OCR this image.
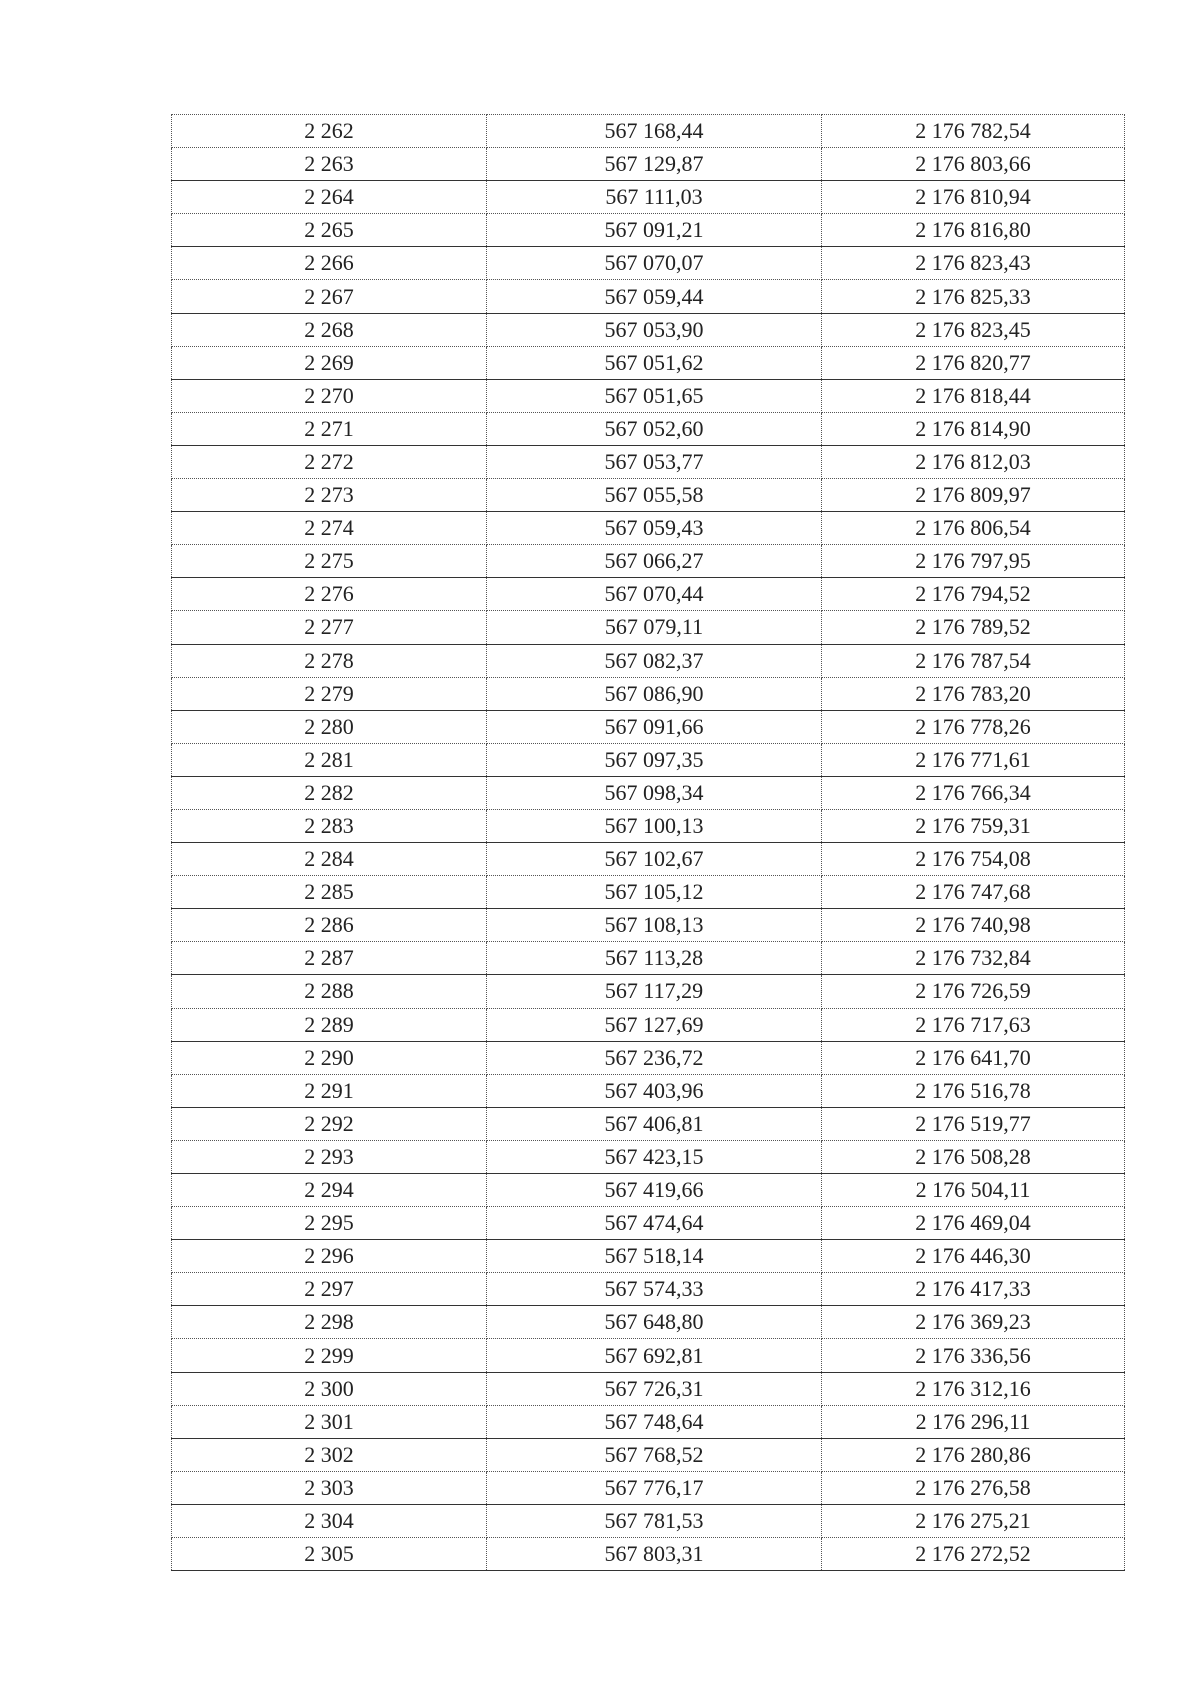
2 262	567 168,44	2 176 782,54
2 263	567 129,87	2 176 803,66
2 264	567 111,03	2 176 810,94
2 265	567 091,21	2 176 816,80
2 266	567 070,07	2 176 823,43
2 267	567 059,44	2 176 825,33
2 268	567 053,90	2 176 823,45
2 269	567 051,62	2 176 820,77
2 270	567 051,65	2 176 818,44
2 271	567 052,60	2 176 814,90
2 272	567 053,77	2 176 812,03
2 273	567 055,58	2 176 809,97
2 274	567 059,43	2 176 806,54
2 275	567 066,27	2 176 797,95
2 276	567 070,44	2 176 794,52
2 277	567 079,11	2 176 789,52
2 278	567 082,37	2 176 787,54
2 279	567 086,90	2 176 783,20
2 280	567 091,66	2 176 778,26
2 281	567 097,35	2 176 771,61
2 282	567 098,34	2 176 766,34
2 283	567 100,13	2 176 759,31
2 284	567 102,67	2 176 754,08
2 285	567 105,12	2 176 747,68
2 286	567 108,13	2 176 740,98
2 287	567 113,28	2 176 732,84
2 288	567 117,29	2 176 726,59
2 289	567 127,69	2 176 717,63
2 290	567 236,72	2 176 641,70
2 291	567 403,96	2 176 516,78
2 292	567 406,81	2 176 519,77
2 293	567 423,15	2 176 508,28
2 294	567 419,66	2 176 504,11
2 295	567 474,64	2 176 469,04
2 296	567 518,14	2 176 446,30
2 297	567 574,33	2 176 417,33
2 298	567 648,80	2 176 369,23
2 299	567 692,81	2 176 336,56
2 300	567 726,31	2 176 312,16
2 301	567 748,64	2 176 296,11
2 302	567 768,52	2 176 280,86
2 303	567 776,17	2 176 276,58
2 304	567 781,53	2 176 275,21
2 305	567 803,31	2 176 272,52
